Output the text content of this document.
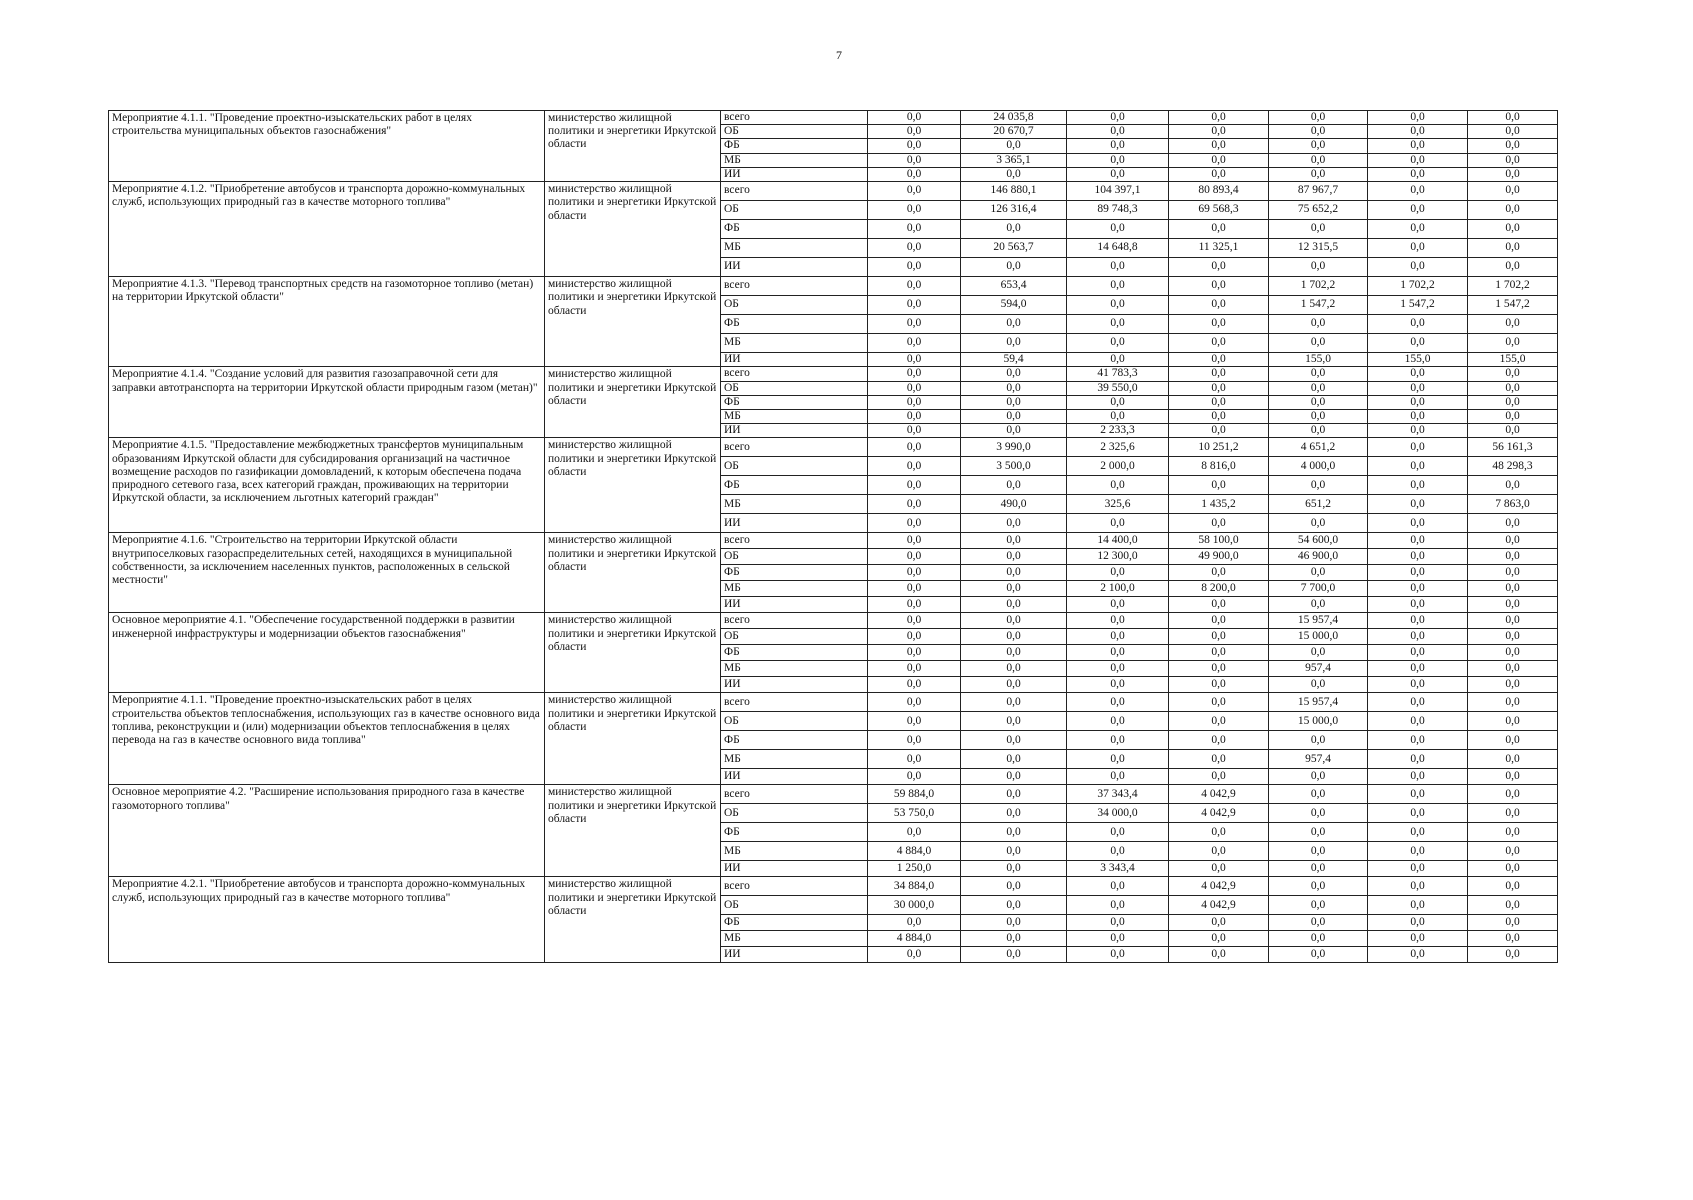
7
Мероприятие 4.1.1. "Проведение проектно-изыскательских работ в целях строительства муниципальных объектов газоснабжения"	министерство жилищной политики и энергетики Иркутской области	всего	0,0	24 035,8	0,0	0,0	0,0	0,0	0,0
		ОБ	0,0	20 670,7	0,0	0,0	0,0	0,0	0,0
		ФБ	0,0	0,0	0,0	0,0	0,0	0,0	0,0
		МБ	0,0	3 365,1	0,0	0,0	0,0	0,0	0,0
		ИИ	0,0	0,0	0,0	0,0	0,0	0,0	0,0
Мероприятие 4.1.2. "Приобретение автобусов и транспорта дорожно-коммунальных служб, использующих природный газ в качестве моторного топлива"	министерство жилищной политики и энергетики Иркутской области	всего	0,0	146 880,1	104 397,1	80 893,4	87 967,7	0,0	0,0
		ОБ	0,0	126 316,4	89 748,3	69 568,3	75 652,2	0,0	0,0
		ФБ	0,0	0,0	0,0	0,0	0,0	0,0	0,0
		МБ	0,0	20 563,7	14 648,8	11 325,1	12 315,5	0,0	0,0
		ИИ	0,0	0,0	0,0	0,0	0,0	0,0	0,0
Мероприятие 4.1.3. "Перевод транспортных средств на газомоторное топливо (метан) на территории Иркутской области"	министерство жилищной политики и энергетики Иркутской области	всего	0,0	653,4	0,0	0,0	1 702,2	1 702,2	1 702,2
		ОБ	0,0	594,0	0,0	0,0	1 547,2	1 547,2	1 547,2
		ФБ	0,0	0,0	0,0	0,0	0,0	0,0	0,0
		МБ	0,0	0,0	0,0	0,0	0,0	0,0	0,0
		ИИ	0,0	59,4	0,0	0,0	155,0	155,0	155,0
Мероприятие 4.1.4. "Создание условий для развития газозаправочной сети для заправки автотранспорта на территории Иркутской области природным газом (метан)"	министерство жилищной политики и энергетики Иркутской области	всего	0,0	0,0	41 783,3	0,0	0,0	0,0	0,0
		ОБ	0,0	0,0	39 550,0	0,0	0,0	0,0	0,0
		ФБ	0,0	0,0	0,0	0,0	0,0	0,0	0,0
		МБ	0,0	0,0	0,0	0,0	0,0	0,0	0,0
		ИИ	0,0	0,0	2 233,3	0,0	0,0	0,0	0,0
Мероприятие 4.1.5. "Предоставление межбюджетных трансфертов муниципальным образованиям Иркутской области для субсидирования организаций на частичное возмещение расходов по газификации домовладений, к которым обеспечена подача природного сетевого газа, всех категорий граждан, проживающих на территории Иркутской области, за исключением льготных категорий граждан"	министерство жилищной политики и энергетики Иркутской области	всего	0,0	3 990,0	2 325,6	10 251,2	4 651,2	0,0	56 161,3
		ОБ	0,0	3 500,0	2 000,0	8 816,0	4 000,0	0,0	48 298,3
		ФБ	0,0	0,0	0,0	0,0	0,0	0,0	0,0
		МБ	0,0	490,0	325,6	1 435,2	651,2	0,0	7 863,0
		ИИ	0,0	0,0	0,0	0,0	0,0	0,0	0,0
Мероприятие 4.1.6. "Строительство на территории Иркутской области внутрипоселковых газораспределительных сетей, находящихся в муниципальной собственности, за исключением населенных пунктов, расположенных в сельской местности"	министерство жилищной политики и энергетики Иркутской области	всего	0,0	0,0	14 400,0	58 100,0	54 600,0	0,0	0,0
		ОБ	0,0	0,0	12 300,0	49 900,0	46 900,0	0,0	0,0
		ФБ	0,0	0,0	0,0	0,0	0,0	0,0	0,0
		МБ	0,0	0,0	2 100,0	8 200,0	7 700,0	0,0	0,0
		ИИ	0,0	0,0	0,0	0,0	0,0	0,0	0,0
Основное мероприятие 4.1. "Обеспечение государственной поддержки в развитии инженерной инфраструктуры и модернизации объектов газоснабжения"	министерство жилищной политики и энергетики Иркутской области	всего	0,0	0,0	0,0	0,0	15 957,4	0,0	0,0
		ОБ	0,0	0,0	0,0	0,0	15 000,0	0,0	0,0
		ФБ	0,0	0,0	0,0	0,0	0,0	0,0	0,0
		МБ	0,0	0,0	0,0	0,0	957,4	0,0	0,0
		ИИ	0,0	0,0	0,0	0,0	0,0	0,0	0,0
Мероприятие 4.1.1. "Проведение проектно-изыскательских работ в целях строительства объектов теплоснабжения, использующих газ в качестве основного вида топлива, реконструкции и (или) модернизации объектов теплоснабжения в целях перевода на газ в качестве основного вида топлива"	министерство жилищной политики и энергетики Иркутской области	всего	0,0	0,0	0,0	0,0	15 957,4	0,0	0,0
		ОБ	0,0	0,0	0,0	0,0	15 000,0	0,0	0,0
		ФБ	0,0	0,0	0,0	0,0	0,0	0,0	0,0
		МБ	0,0	0,0	0,0	0,0	957,4	0,0	0,0
		ИИ	0,0	0,0	0,0	0,0	0,0	0,0	0,0
Основное мероприятие 4.2. "Расширение использования природного газа в качестве газомоторного топлива"	министерство жилищной политики и энергетики Иркутской области	всего	59 884,0	0,0	37 343,4	4 042,9	0,0	0,0	0,0
		ОБ	53 750,0	0,0	34 000,0	4 042,9	0,0	0,0	0,0
		ФБ	0,0	0,0	0,0	0,0	0,0	0,0	0,0
		МБ	4 884,0	0,0	0,0	0,0	0,0	0,0	0,0
		ИИ	1 250,0	0,0	3 343,4	0,0	0,0	0,0	0,0
Мероприятие 4.2.1. "Приобретение автобусов и транспорта дорожно-коммунальных служб, использующих природный газ в качестве моторного топлива"	министерство жилищной политики и энергетики Иркутской области	всего	34 884,0	0,0	0,0	4 042,9	0,0	0,0	0,0
		ОБ	30 000,0	0,0	0,0	4 042,9	0,0	0,0	0,0
		ФБ	0,0	0,0	0,0	0,0	0,0	0,0	0,0
		МБ	4 884,0	0,0	0,0	0,0	0,0	0,0	0,0
		ИИ	0,0	0,0	0,0	0,0	0,0	0,0	0,0
